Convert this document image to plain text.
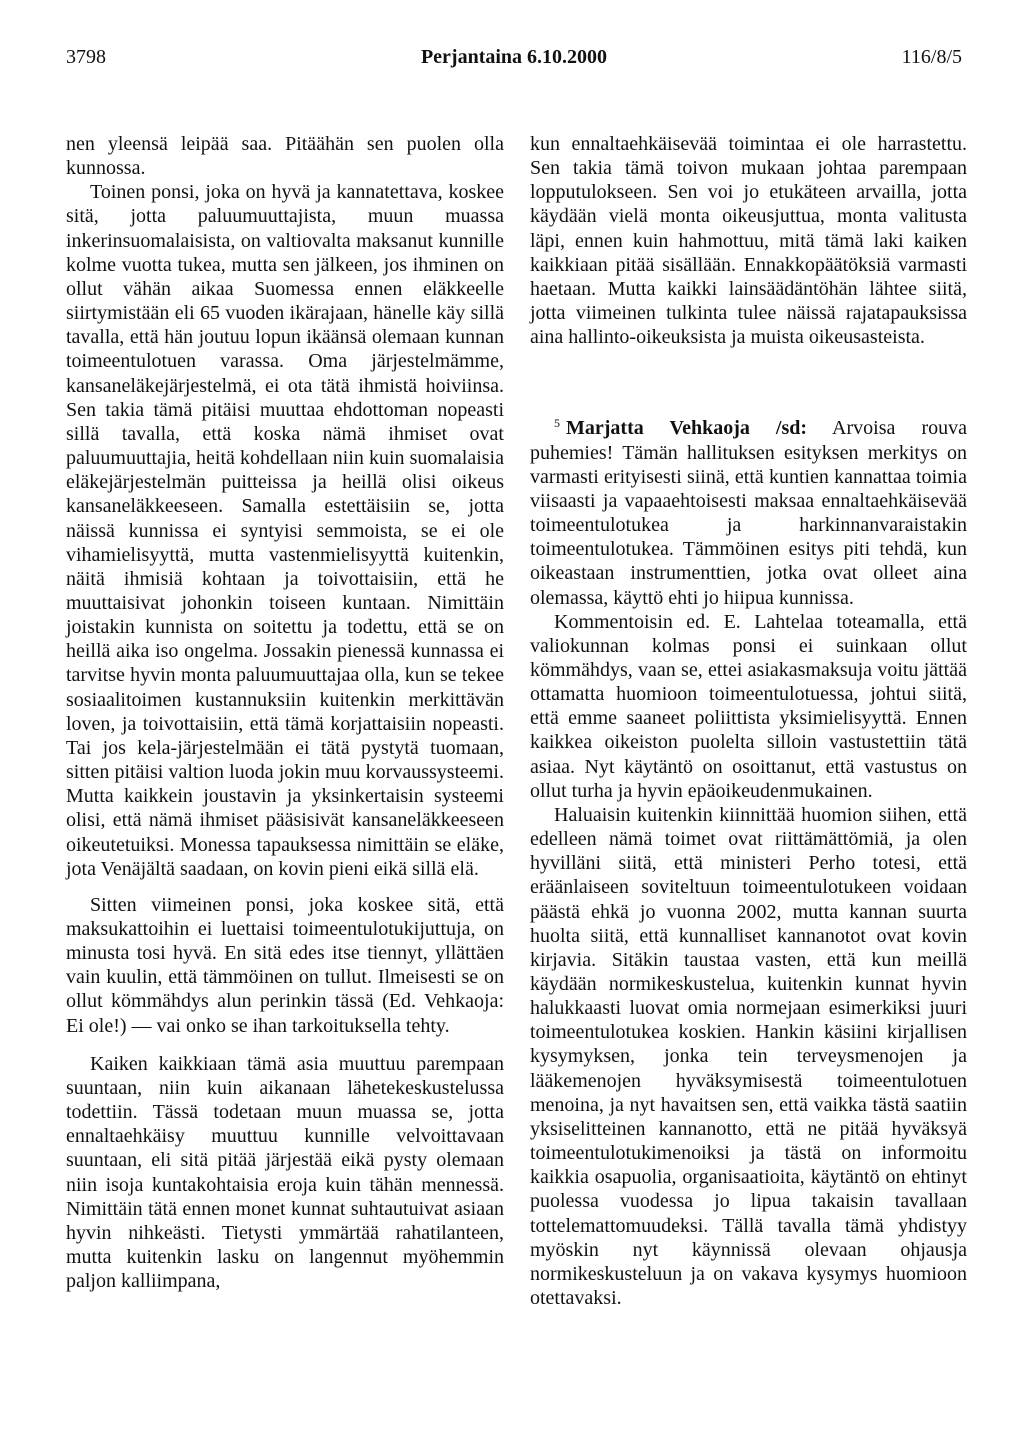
3798	Perjantaina 6.10.2000	116/8/5

nen yleensä leipää saa. Pitäähän sen puolen olla kunnossa.

Toinen ponsi, joka on hyvä ja kannatettava, koskee sitä, jotta paluumuuttajista, muun muassa inkerinsuomalaisista, on valtiovalta maksanut kunnille kolme vuotta tukea, mutta sen jälkeen, jos ihminen on ollut vähän aikaa Suomessa ennen eläkkeelle siirtymistään eli 65 vuoden ikärajaan, hänelle käy sillä tavalla, että hän joutuu lopun ikäänsä olemaan kunnan toimeentulotuen varassa. Oma järjestelmämme, kansaneläkejärjestelmä, ei ota tätä ihmistä hoiviinsa. Sen takia tämä pitäisi muuttaa ehdottoman nopeasti sillä tavalla, että koska nämä ihmiset ovat paluumuuttajia, heitä kohdellaan niin kuin suomalaisia eläkejärjestelmän puitteissa ja heillä olisi oikeus kansaneläkkeeseen. Samalla estettäisiin se, jotta näissä kunnissa ei syntyisi semmoista, se ei ole vihamielisyyttä, mutta vastenmielisyyttä kuitenkin, näitä ihmisiä kohtaan ja toivottaisiin, että he muuttaisivat johonkin toiseen kuntaan. Nimittäin joistakin kunnista on soitettu ja todettu, että se on heillä aika iso ongelma. Jossakin pienessä kunnassa ei tarvitse hyvin monta paluumuuttajaa olla, kun se tekee sosiaalitoimen kustannuksiin kuitenkin merkittävän loven, ja toivottaisiin, että tämä korjattaisiin nopeasti. Tai jos kela-järjestelmään ei tätä pystytä tuomaan, sitten pitäisi valtion luoda jokin muu korvaussysteemi. Mutta kaikkein joustavin ja yksinkertaisin systeemi olisi, että nämä ihmiset pääsisivät kansaneläkkeeseen oikeutetuiksi. Monessa tapauksessa nimittäin se eläke, jota Venäjältä saadaan, on kovin pieni eikä sillä elä.

Sitten viimeinen ponsi, joka koskee sitä, että maksukattoihin ei luettaisi toimeentulotukijuttuja, on minusta tosi hyvä. En sitä edes itse tiennyt, yllättäen vain kuulin, että tämmöinen on tullut. Ilmeisesti se on ollut kömmähdys alun perinkin tässä (Ed. Vehkaoja: Ei ole!) — vai onko se ihan tarkoituksella tehty.

Kaiken kaikkiaan tämä asia muuttuu parempaan suuntaan, niin kuin aikanaan lähetekeskustelussa todettiin. Tässä todetaan muun muassa se, jotta ennaltaehkäisy muuttuu kunnille velvoittavaan suuntaan, eli sitä pitää järjestää eikä pysty olemaan niin isoja kuntakohtaisia eroja kuin tähän mennessä. Nimittäin tätä ennen monet kunnat suhtautuivat asiaan hyvin nihkeästi. Tietysti ymmärtää rahatilanteen, mutta kuitenkin lasku on langennut myöhemmin paljon kalliimpana,

kun ennaltaehkäisevää toimintaa ei ole harrastettu. Sen takia tämä toivon mukaan johtaa parempaan lopputulokseen. Sen voi jo etukäteen arvailla, jotta käydään vielä monta oikeusjuttua, monta valitusta läpi, ennen kuin hahmottuu, mitä tämä laki kaiken kaikkiaan pitää sisällään. Ennakkopäätöksiä varmasti haetaan. Mutta kaikki lainsäädäntöhän lähtee siitä, jotta viimeinen tulkinta tulee näissä rajatapauksissa aina hallinto-oikeuksista ja muista oikeusasteista.

$^5$ Marjatta Vehkaoja /sd: Arvoisa rouva puhemies! Tämän hallituksen esityksen merkitys on varmasti erityisesti siinä, että kuntien kannattaa toimia viisaasti ja vapaaehtoisesti maksaa ennaltaehkäisevää toimeentulotukea ja harkinnanvaraistakin toimeentulotukea. Tämmöinen esitys piti tehdä, kun oikeastaan instrumenttien, jotka ovat olleet aina olemassa, käyttö ehti jo hiipua kunnissa.

Kommentoisin ed. E. Lahtelaa toteamalla, että valiokunnan kolmas ponsi ei suinkaan ollut kömmähdys, vaan se, ettei asiakasmaksuja voitu jättää ottamatta huomioon toimeentulotuessa, johtui siitä, että emme saaneet poliittista yksimielisyyttä. Ennen kaikkea oikeiston puolelta silloin vastustettiin tätä asiaa. Nyt käytäntö on osoittanut, että vastustus on ollut turha ja hyvin epäoikeudenmukainen.

Haluaisin kuitenkin kiinnittää huomion siihen, että edelleen nämä toimet ovat riittämättömiä, ja olen hyvilläni siitä, että ministeri Perho totesi, että eräänlaiseen soviteltuun toimeentulotukeen voidaan päästä ehkä jo vuonna 2002, mutta kannan suurta huolta siitä, että kunnalliset kannanotot ovat kovin kirjavia. Sitäkin taustaa vasten, että kun meillä käydään normikeskustelua, kuitenkin kunnat hyvin halukkaasti luovat omia normejaan esimerkiksi juuri toimeentulotukea koskien. Hankin käsiini kirjallisen kysymyksen, jonka tein terveysmenojen ja lääkemenojen hyväksymisestä toimeentulotuen menoina, ja nyt havaitsen sen, että vaikka tästä saatiin yksiselitteinen kannanotto, että ne pitää hyväksyä toimeentulotukimenoiksi ja tästä on informoitu kaikkia osapuolia, organisaatioita, käytäntö on ehtinyt puolessa vuodessa jo lipua takaisin tavallaan tottelemattomuudeksi. Tällä tavalla tämä yhdistyy myöskin nyt käynnissä olevaan ohjausja normikeskusteluun ja on vakava kysymys huomioon otettavaksi.
